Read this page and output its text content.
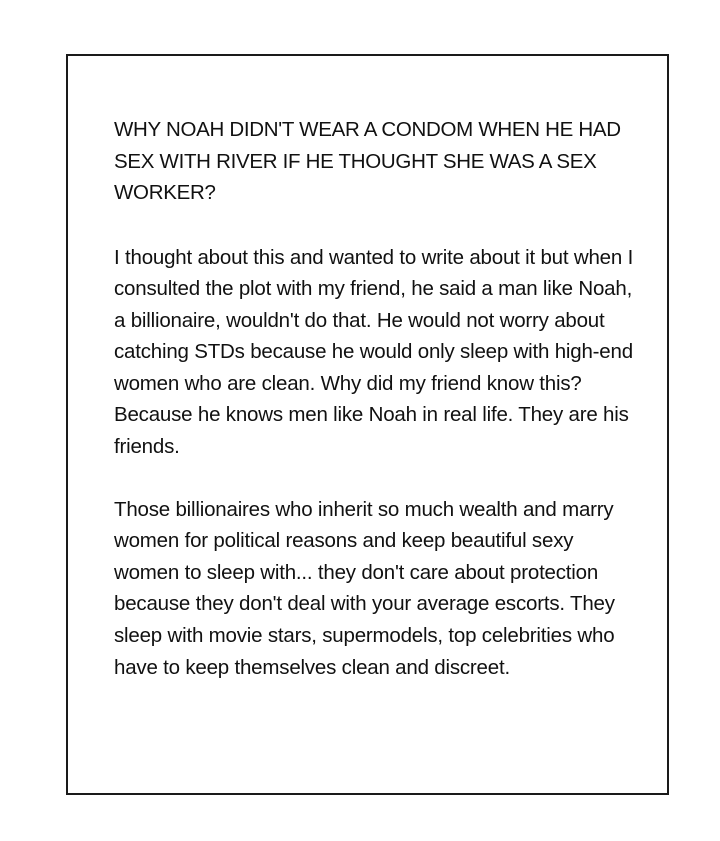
WHY NOAH DIDN'T WEAR A CONDOM WHEN HE HAD SEX WITH RIVER IF HE THOUGHT SHE WAS A SEX WORKER?

I thought about this and wanted to write about it but when I consulted the plot with my friend, he said a man like Noah, a billionaire, wouldn't do that. He would not worry about catching STDs because he would only sleep with high-end women who are clean. Why did my friend know this? Because he knows men like Noah in real life. They are his friends.

Those billionaires who inherit so much wealth and marry women for political reasons and keep beautiful sexy women to sleep with... they don't care about protection because they don't deal with your average escorts. They sleep with movie stars, supermodels, top celebrities who have to keep themselves clean and discreet.
